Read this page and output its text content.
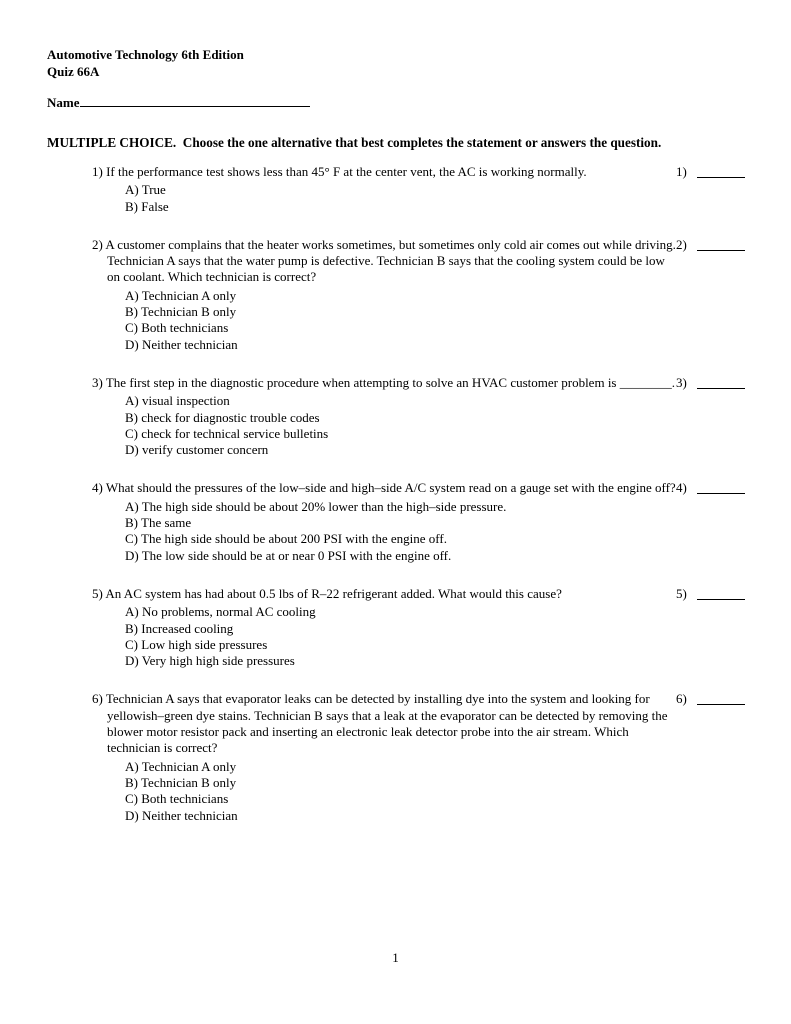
Automotive Technology 6th Edition
Quiz 66A
Name
MULTIPLE CHOICE.  Choose the one alternative that best completes the statement or answers the question.

1) If the performance test shows less than 45° F at the center vent, the AC is working normally.

A) True

B) False

1)

2) A customer complains that the heater works sometimes, but sometimes only cold air comes out while driving. Technician A says that the water pump is defective. Technician B says that the cooling system could be low on coolant. Which technician is correct?

A) Technician A only

B) Technician B only

C) Both technicians

D) Neither technician

2)

3) The first step in the diagnostic procedure when attempting to solve an HVAC customer problem is ________.

A) visual inspection

B) check for diagnostic trouble codes

C) check for technical service bulletins

D) verify customer concern

3)

4) What should the pressures of the low–side and high–side A/C system read on a gauge set with the engine off?

A) The high side should be about 20% lower than the high–side pressure.

B) The same

C) The high side should be about 200 PSI with the engine off.

D) The low side should be at or near 0 PSI with the engine off.

4)

5) An AC system has had about 0.5 lbs of R–22 refrigerant added. What would this cause?

A) No problems, normal AC cooling

B) Increased cooling

C) Low high side pressures

D) Very high high side pressures

5)

6) Technician A says that evaporator leaks can be detected by installing dye into the system and looking for yellowish–green dye stains. Technician B says that a leak at the evaporator can be detected by removing the blower motor resistor pack and inserting an electronic leak detector probe into the air stream. Which technician is correct?

A) Technician A only

B) Technician B only

C) Both technicians

D) Neither technician

6)
1
